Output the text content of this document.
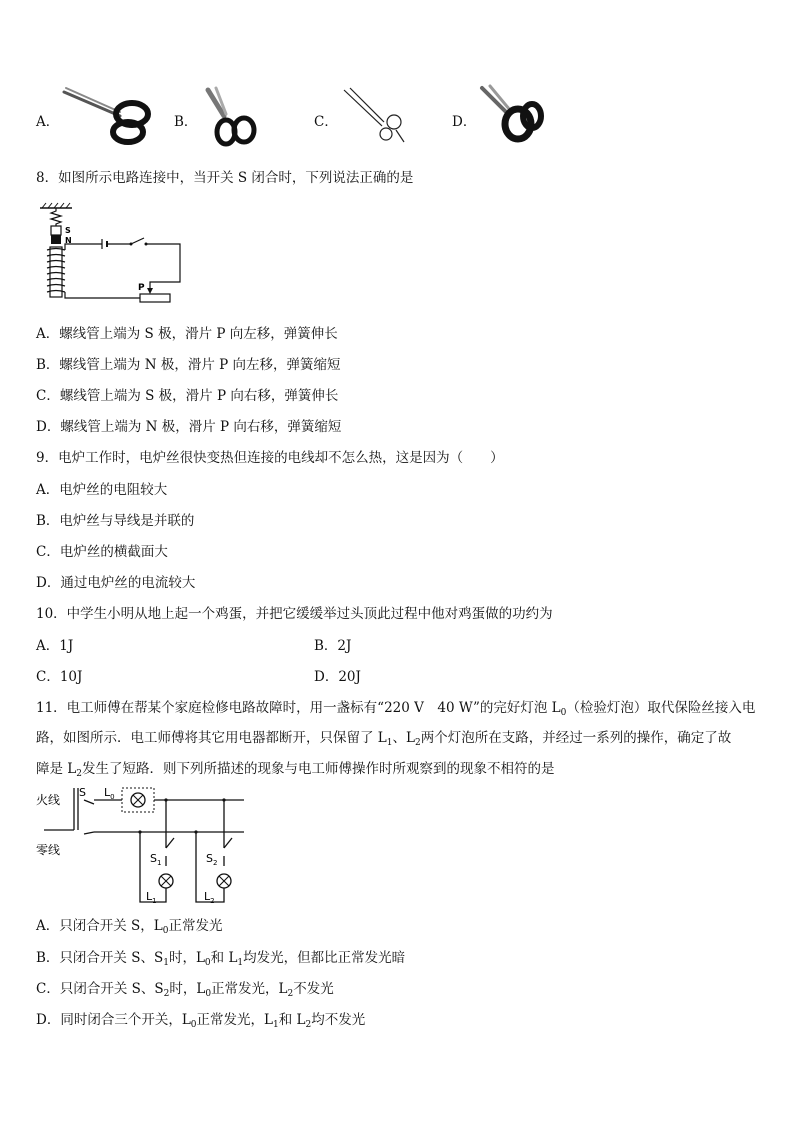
A．	B．	C．	D．
8．如图所示电路连接中，当开关 S 闭合时，下列说法正确的是
S
N
P
A．螺线管上端为 S 极，滑片 P 向左移，弹簧伸长
B．螺线管上端为 N 极，滑片 P 向左移，弹簧缩短
C．螺线管上端为 S 极，滑片 P 向右移，弹簧伸长
D．螺线管上端为 N 极，滑片 P 向右移，弹簧缩短
9．电炉工作时，电炉丝很快变热但连接的电线却不怎么热，这是因为（　　）
A．电炉丝的电阻较大
B．电炉丝与导线是并联的
C．电炉丝的横截面大
D．通过电炉丝的电流较大
10．中学生小明从地上起一个鸡蛋，并把它缓缓举过头顶此过程中他对鸡蛋做的功约为
A．1J	B．2J
C．10J	D．20J
11．电工师傅在帮某个家庭检修电路故障时，用一盏标有“220 V　40 W”的完好灯泡 $L_0$（检验灯泡）取代保险丝接入电
路，如图所示．电工师傅将其它用电器都断开，只保留了 $L_1$、$L_2$两个灯泡所在支路，并经过一系列的操作，确定了故
障是 $L_2$发生了短路．则下列所描述的现象与电工师傅操作时所观察到的现象不相符的是
火线
零线
S $L_0$
$S_1$
$L_1$
$S_2$
$L_2$
A．只闭合开关 S，$L_0$正常发光
B．只闭合开关 S、$S_1$时，$L_0$和 $L_1$均发光，但都比正常发光暗
C．只闭合开关 S、$S_2$时，$L_0$正常发光，$L_2$不发光
D．同时闭合三个开关，$L_0$正常发光，$L_1$和 $L_2$均不发光
